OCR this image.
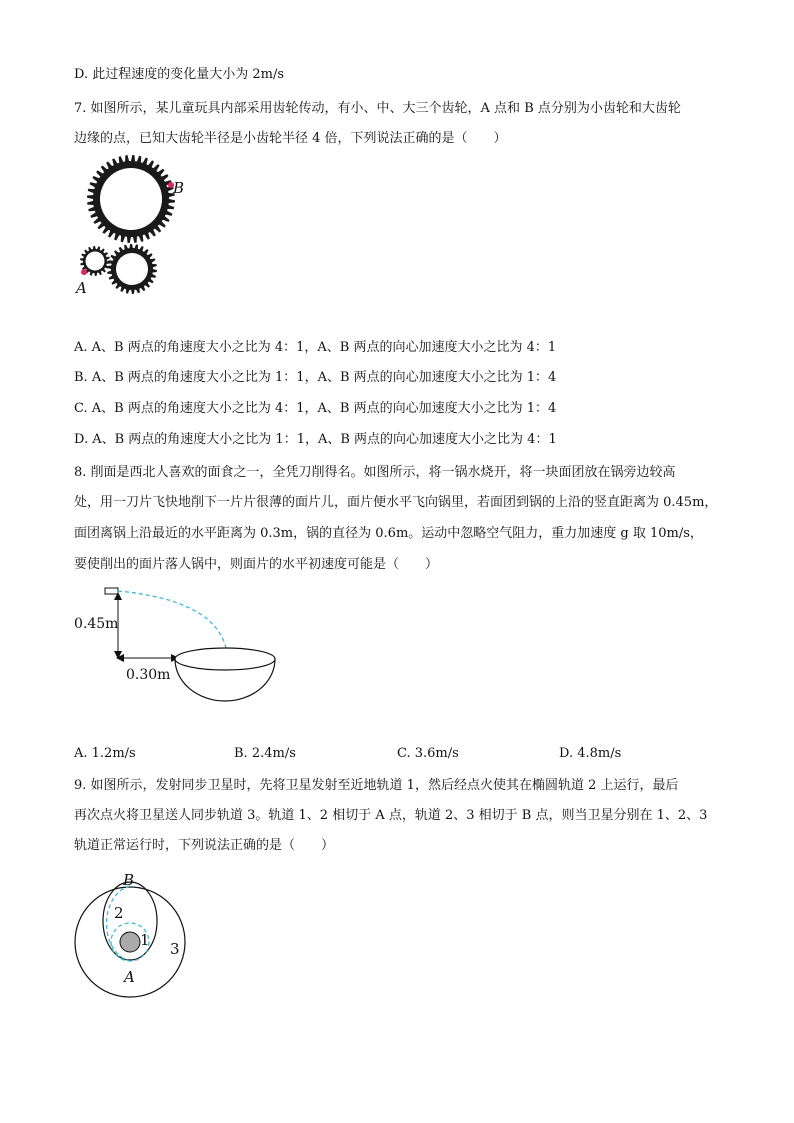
D. 此过程速度的变化量大小为 2m/s
7. 如图所示，某儿童玩具内部采用齿轮传动，有小、中、大三个齿轮，A 点和 B 点分别为小齿轮和大齿轮
边缘的点，已知大齿轮半径是小齿轮半径 4 倍，下列说法正确的是（　　）
B
A
A. A、B 两点的角速度大小之比为 4：1，A、B 两点的向心加速度大小之比为 4：1
B. A、B 两点的角速度大小之比为 1：1，A、B 两点的向心加速度大小之比为 1：4
C. A、B 两点的角速度大小之比为 4：1，A、B 两点的向心加速度大小之比为 1：4
D. A、B 两点的角速度大小之比为 1：1，A、B 两点的向心加速度大小之比为 4：1
8. 削面是西北人喜欢的面食之一，全凭刀削得名。如图所示，将一锅水烧开，将一块面团放在锅旁边较高
处，用一刀片飞快地削下一片片很薄的面片儿，面片便水平飞向锅里，若面团到锅的上沿的竖直距离为 0.45m，
面团离锅上沿最近的水平距离为 0.3m，锅的直径为 0.6m。运动中忽略空气阻力，重力加速度 g 取 10m/s，
要使削出的面片落人锅中，则面片的水平初速度可能是（　　）
0.45m
0.30m
A. 1.2m/s	B. 2.4m/s	C. 3.6m/s	D. 4.8m/s
9. 如图所示，发射同步卫星时，先将卫星发射至近地轨道 1，然后经点火使其在椭圆轨道 2 上运行，最后
再次点火将卫星送人同步轨道 3。轨道 1、2 相切于 A 点，轨道 2、3 相切于 B 点，则当卫星分别在 1、2、3
轨道正常运行时，下列说法正确的是（　　）
B
A
1
2
3
